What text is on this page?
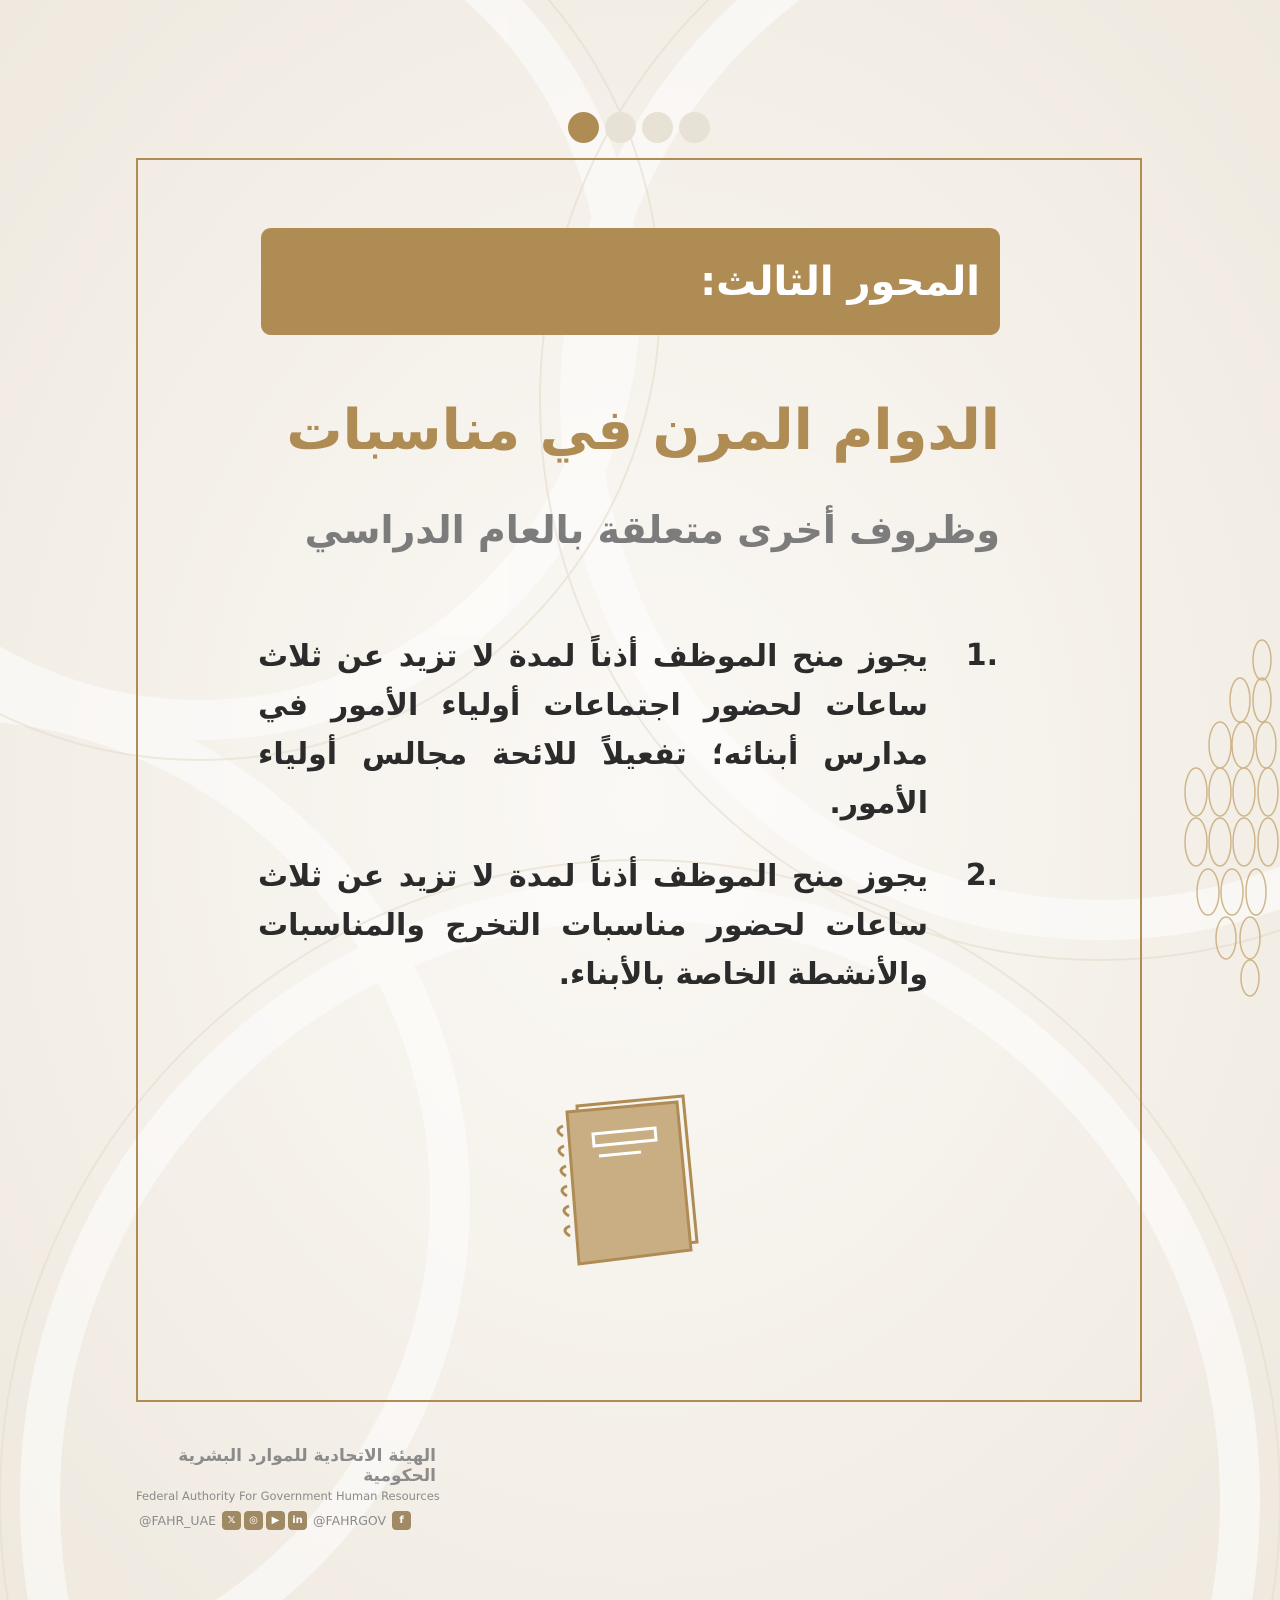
المحور الثالث:
الدوام المرن في مناسبات
وظروف أخرى متعلقة بالعام الدراسي
1.
يجوز منح الموظف أذناً لمدة لا تزيد عن ثلاث ساعات لحضور اجتماعات أولياء الأمور في مدارس أبنائه؛ تفعيلاً للائحة مجالس أولياء الأمور.
2.
يجوز منح الموظف أذناً لمدة لا تزيد عن ثلاث ساعات لحضور مناسبات التخرج والمناسبات والأنشطة الخاصة بالأبناء.
الهيئة الاتحادية للموارد البشرية الحكومية
Federal Authority For Government Human Resources
@FAHR_UAE	𝕏	◎	▶	in @FAHRGOV	f
